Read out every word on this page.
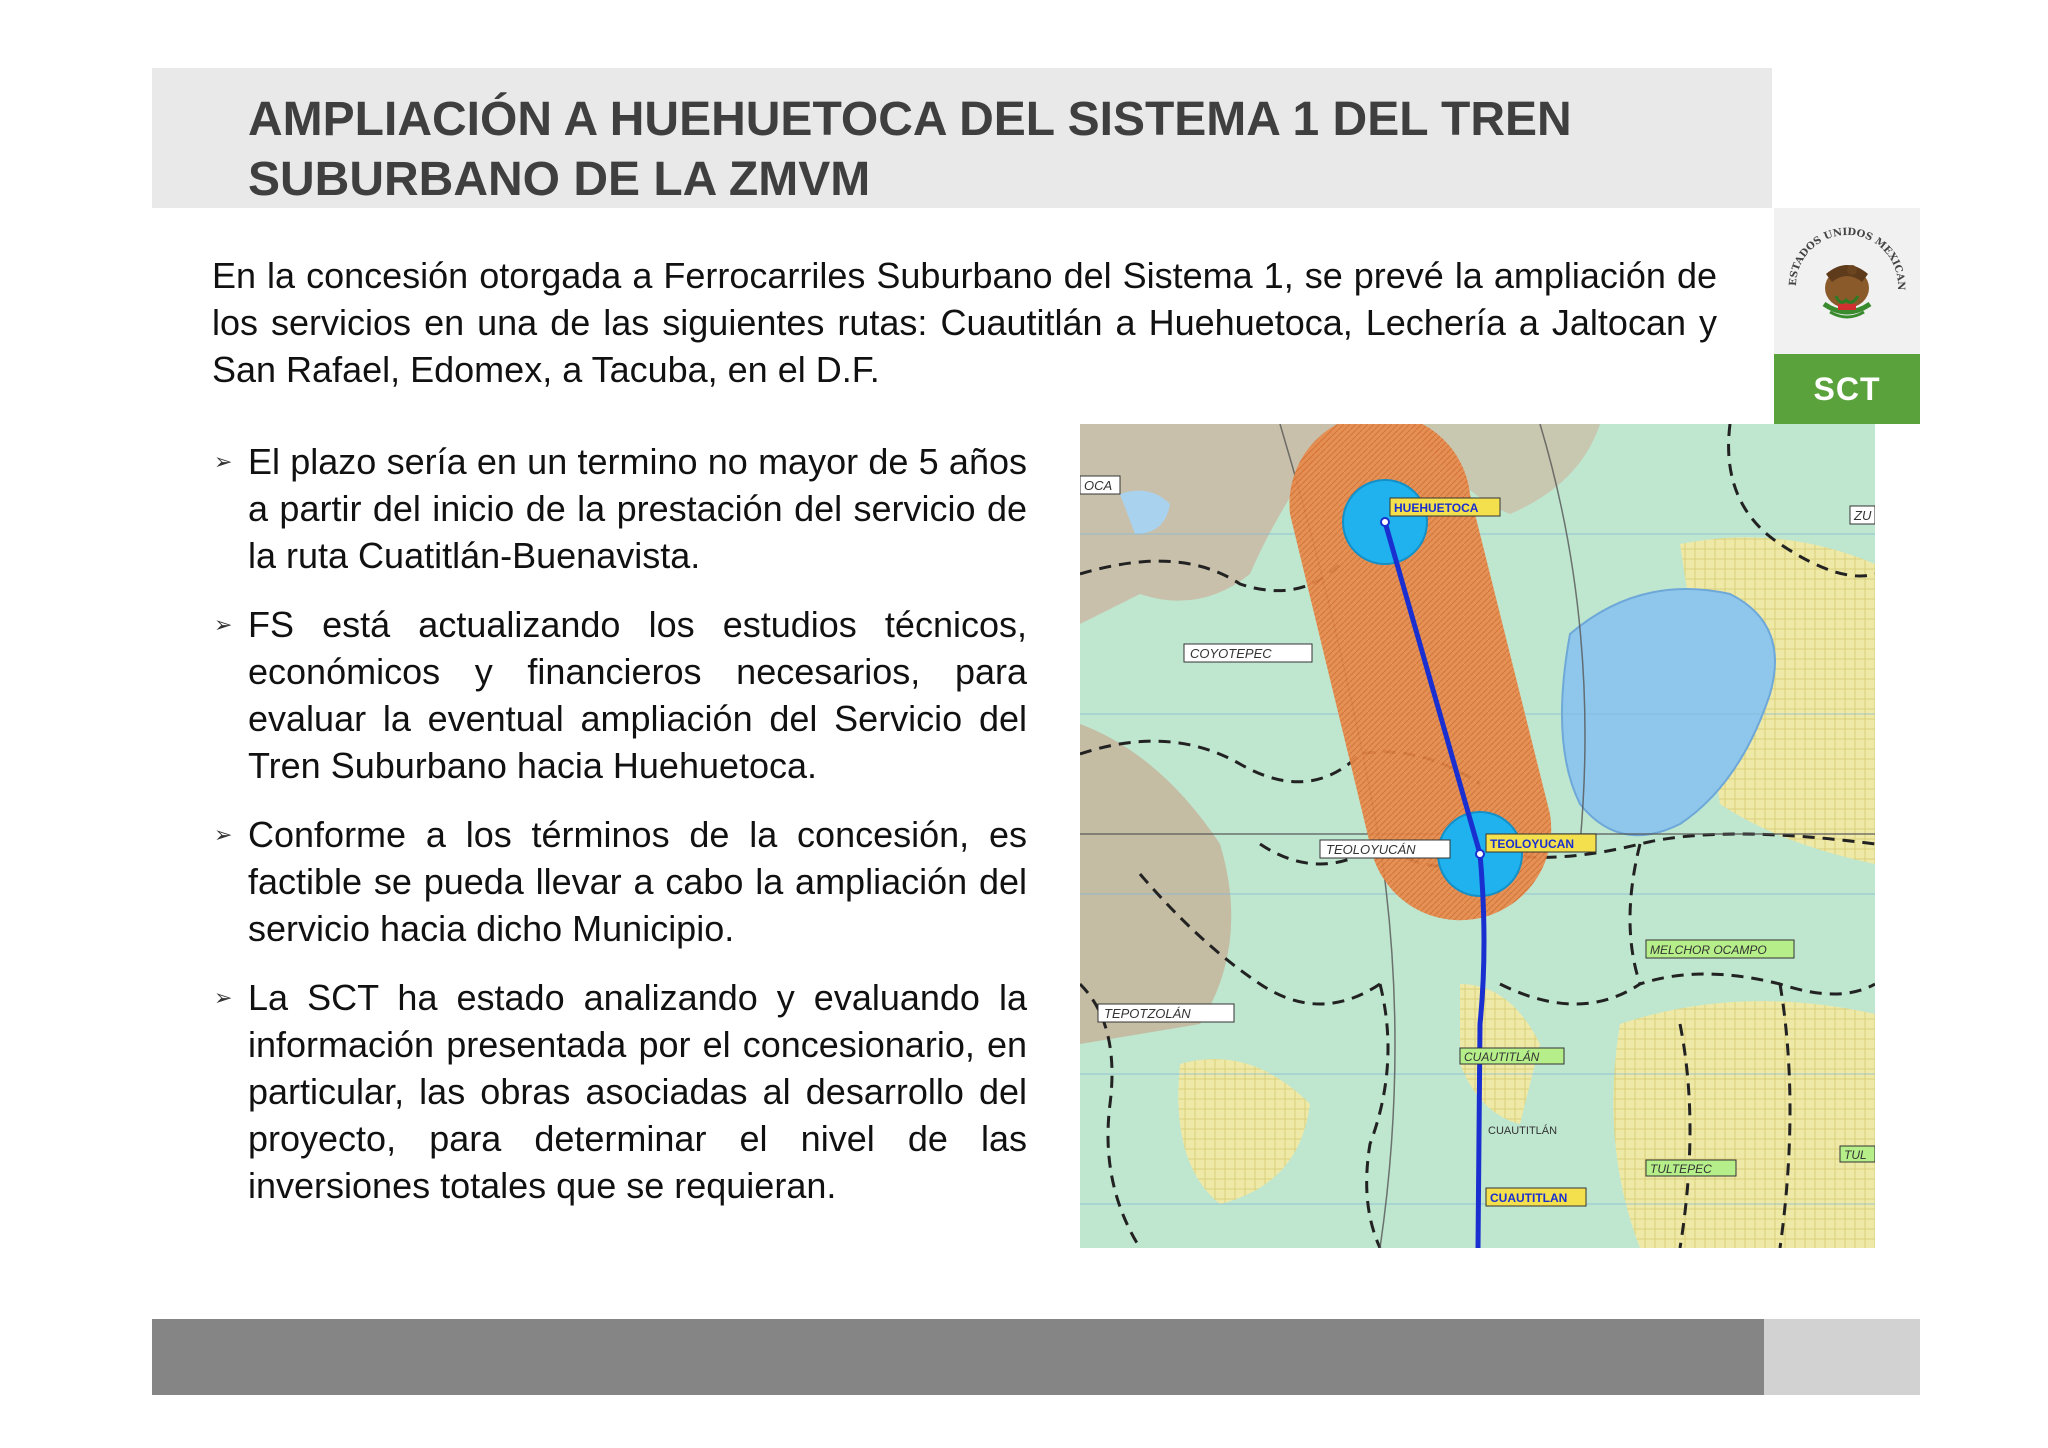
AMPLIACIÓN A HUEHUETOCA DEL SISTEMA 1 DEL TREN
SUBURBANO DE LA ZMVM
ESTADOS UNIDOS MEXICAN
SCT
En la concesión otorgada a Ferrocarriles Suburbano del Sistema 1, se prevé la ampliación de los servicios en una de las siguientes rutas: Cuautitlán a Huehuetoca, Lechería a Jaltocan y San Rafael, Edomex, a Tacuba, en el D.F.
➢ El plazo sería en un termino no mayor de 5 años a partir del inicio de la prestación del servicio de la ruta Cuatitlán-Buenavista.
➢ FS está actualizando los estudios técnicos, económicos y financieros necesarios, para evaluar la eventual ampliación del Servicio del Tren Suburbano hacia Huehuetoca.
➢ Conforme a los términos de la concesión, es factible se pueda llevar a cabo la ampliación del servicio hacia dicho Municipio.
➢ La SCT ha estado analizando y evaluando la información presentada por el concesionario, en particular, las obras asociadas al desarrollo del proyecto, para determinar el nivel de las inversiones totales que se requieran.
OCA
ZU
HUEHUETOCA
COYOTEPEC
TEOLOYUCÁN	TEOLOYUCAN
MELCHOR OCAMPO
TEPOTZOLÁN
CUAUTITLÁN
CUAUTITLÁN
TULTEPEC
TUL
CUAUTITLAN
